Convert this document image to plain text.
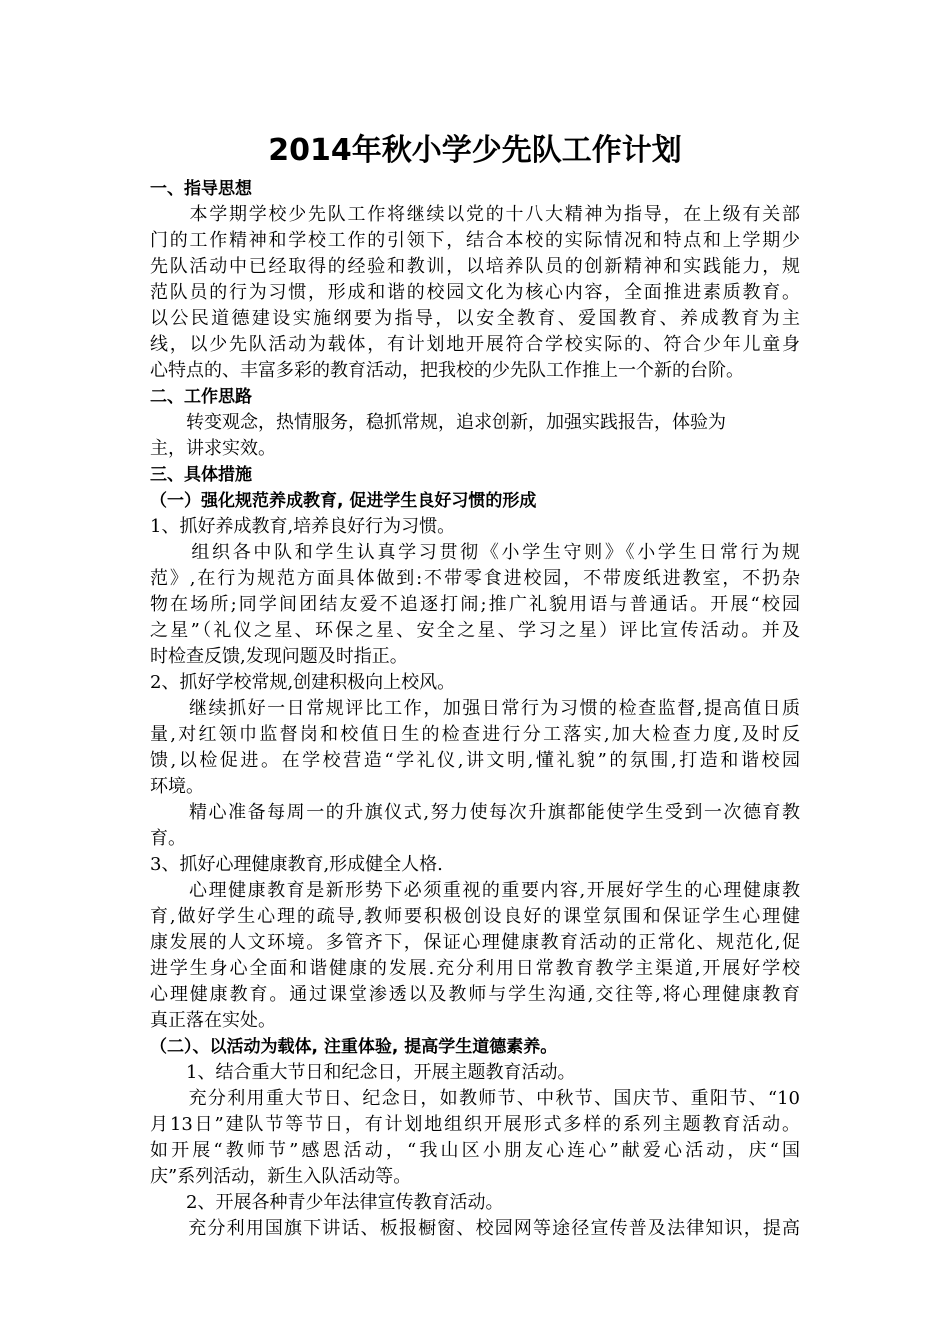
2014年秋小学少先队工作计划
一、指导思想
　　本学期学校少先队工作将继续以党的十八大精神为指导，在上级有关部
门的工作精神和学校工作的引领下，结合本校的实际情况和特点和上学期少
先队活动中已经取得的经验和教训，以培养队员的创新精神和实践能力，规
范队员的行为习惯，形成和谐的校园文化为核心内容，全面推进素质教育。
以公民道德建设实施纲要为指导，以安全教育、爱国教育、养成教育为主
线，以少先队活动为载体，有计划地开展符合学校实际的、符合少年儿童身
心特点的、丰富多彩的教育活动，把我校的少先队工作推上一个新的台阶。
二、工作思路
　　转变观念，热情服务，稳抓常规，追求创新，加强实践报告，体验为
主，讲求实效。
三、具体措施
（一）强化规范养成教育, 促进学生良好习惯的形成
1、抓好养成教育,培养良好行为习惯。
　　组织各中队和学生认真学习贯彻《小学生守则》《小学生日常行为规
范》,在行为规范方面具体做到:不带零食进校园，不带废纸进教室，不扔杂
物在场所;同学间团结友爱不追逐打闹;推广礼貌用语与普通话。开展“校园
之星”（礼仪之星、环保之星、安全之星、学习之星）评比宣传活动。并及
时检查反馈,发现问题及时指正。
2、抓好学校常规,创建积极向上校风。
　　继续抓好一日常规评比工作，加强日常行为习惯的检查监督,提高值日质
量,对红领巾监督岗和校值日生的检查进行分工落实,加大检查力度,及时反
馈,以检促进。在学校营造“学礼仪,讲文明,懂礼貌”的氛围,打造和谐校园
环境。
　　精心准备每周一的升旗仪式,努力使每次升旗都能使学生受到一次德育教
育。
3、抓好心理健康教育,形成健全人格.
　　心理健康教育是新形势下必须重视的重要内容,开展好学生的心理健康教
育,做好学生心理的疏导,教师要积极创设良好的课堂氛围和保证学生心理健
康发展的人文环境。多管齐下，保证心理健康教育活动的正常化、规范化,促
进学生身心全面和谐健康的发展.充分利用日常教育教学主渠道,开展好学校
心理健康教育。通过课堂渗透以及教师与学生沟通,交往等,将心理健康教育
真正落在实处。
（二）、以活动为载体, 注重体验, 提高学生道德素养。
　　1、结合重大节日和纪念日，开展主题教育活动。
　　充分利用重大节日、纪念日，如教师节、中秋节、国庆节、重阳节、“10
月13日”建队节等节日，有计划地组织开展形式多样的系列主题教育活动。
如开展“教师节”感恩活动，“我山区小朋友心连心”献爱心活动，庆“国
庆”系列活动，新生入队活动等。
　　2、开展各种青少年法律宣传教育活动。
　　充分利用国旗下讲话、板报橱窗、校园网等途径宣传普及法律知识，提高
